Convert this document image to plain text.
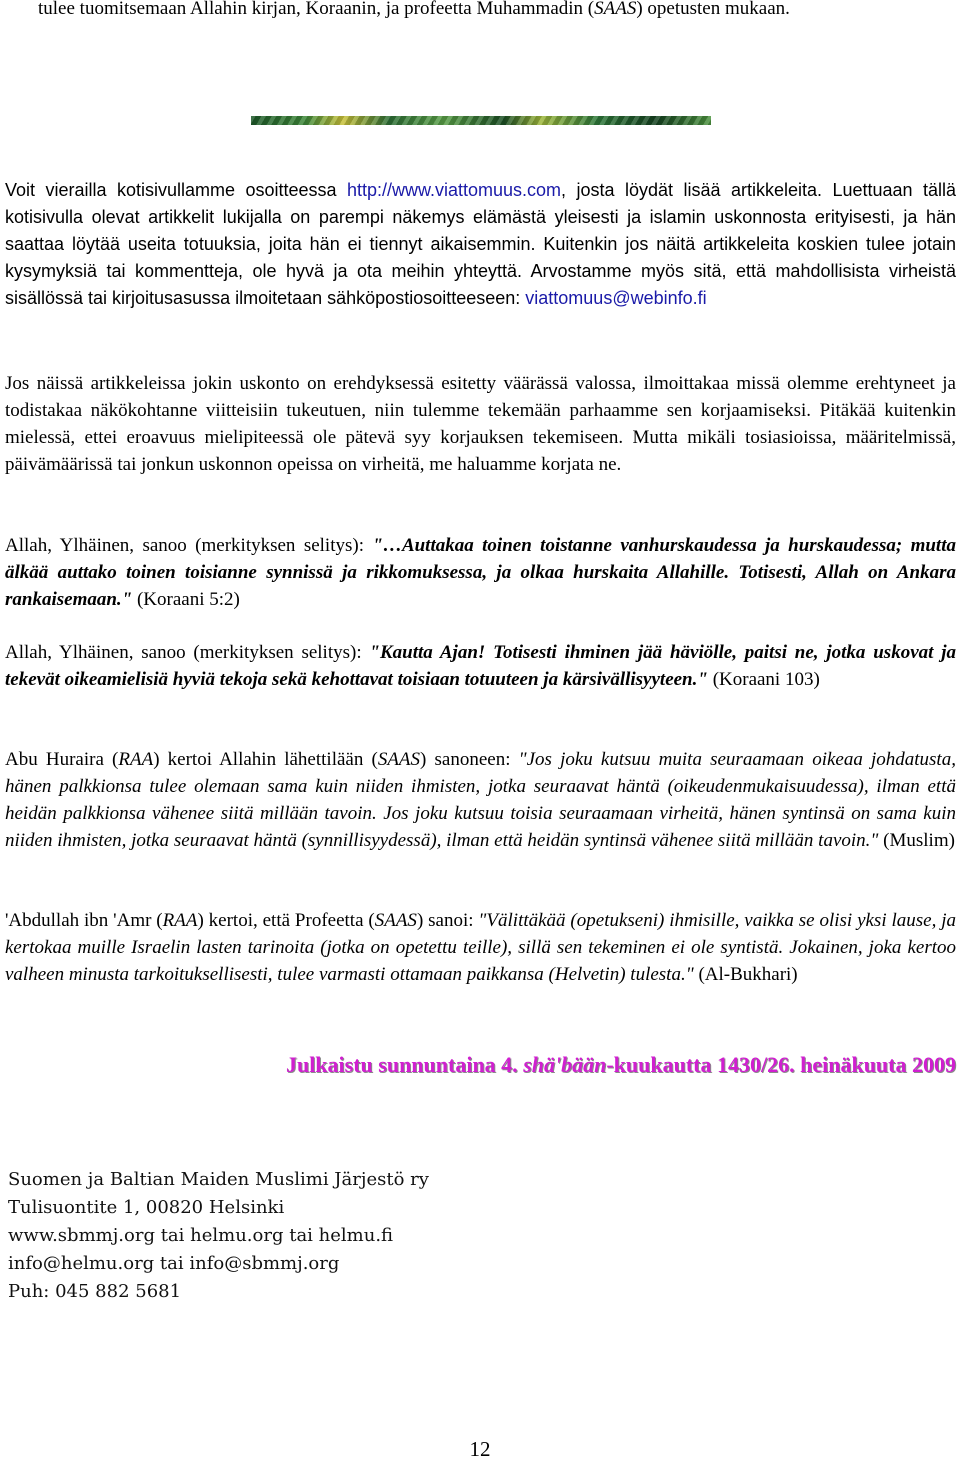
tulee tuomitsemaan Allahin kirjan, Koraanin, ja profeetta Muhammadin (SAAS) opetusten mukaan.

Voit vierailla kotisivullamme osoitteessa http://www.viattomuus.com, josta löydät lisää artikkeleita. Luettuaan tällä kotisivulla olevat artikkelit lukijalla on parempi näkemys elämästä yleisesti ja islamin uskonnosta erityisesti, ja hän saattaa löytää useita totuuksia, joita hän ei tiennyt aikaisemmin. Kuitenkin jos näitä artikkeleita koskien tulee jotain kysymyksiä tai kommentteja, ole hyvä ja ota meihin yhteyttä. Arvostamme myös sitä, että mahdollisista virheistä sisällössä tai kirjoitusasussa ilmoitetaan sähköpostiosoitteeseen: viattomuus@webinfo.fi

Jos näissä artikkeleissa jokin uskonto on erehdyksessä esitetty väärässä valossa, ilmoittakaa missä olemme erehtyneet ja todistakaa näkökohtanne viitteisiin tukeutuen, niin tulemme tekemään parhaamme sen korjaamiseksi. Pitäkää kuitenkin mielessä, ettei eroavuus mielipiteessä ole pätevä syy korjauksen tekemiseen. Mutta mikäli tosiasioissa, määritelmissä, päivämäärissä tai jonkun uskonnon opeissa on virheitä, me haluamme korjata ne.

Allah, Ylhäinen, sanoo (merkityksen selitys): "…Auttakaa toinen toistanne vanhurskaudessa ja hurskaudessa; mutta älkää auttako toinen toisianne synnissä ja rikkomuksessa, ja olkaa hurskaita Allahille. Totisesti, Allah on Ankara rankaisemaan." (Koraani 5:2)

Allah, Ylhäinen, sanoo (merkityksen selitys): "Kautta Ajan! Totisesti ihminen jää häviölle, paitsi ne, jotka uskovat ja tekevät oikeamielisiä hyviä tekoja sekä kehottavat toisiaan totuuteen ja kärsivällisyyteen." (Koraani 103)

Abu Huraira (RAA) kertoi Allahin lähettilään (SAAS) sanoneen: "Jos joku kutsuu muita seuraamaan oikeaa johdatusta, hänen palkkionsa tulee olemaan sama kuin niiden ihmisten, jotka seuraavat häntä (oikeudenmukaisuudessa), ilman että heidän palkkionsa vähenee siitä millään tavoin. Jos joku kutsuu toisia seuraamaan virheitä, hänen syntinsä on sama kuin niiden ihmisten, jotka seuraavat häntä (synnillisyydessä), ilman että heidän syntinsä vähenee siitä millään tavoin." (Muslim)

'Abdullah ibn 'Amr (RAA) kertoi, että Profeetta (SAAS) sanoi: "Välittäkää (opetukseni) ihmisille, vaikka se olisi yksi lause, ja kertokaa muille Israelin lasten tarinoita (jotka on opetettu teille), sillä sen tekeminen ei ole syntistä. Jokainen, joka kertoo valheen minusta tarkoituksellisesti, tulee varmasti ottamaan paikkansa (Helvetin) tulesta." (Al-Bukhari)

Julkaistu sunnuntaina 4. shä'bään-kuukautta 1430/26. heinäkuuta 2009
Suomen ja Baltian Maiden Muslimi Järjestö ry
Tulisuontite 1, 00820 Helsinki
www.sbmmj.org tai helmu.org tai helmu.fi
info@helmu.org tai info@sbmmj.org
Puh: 045 882 5681
12
